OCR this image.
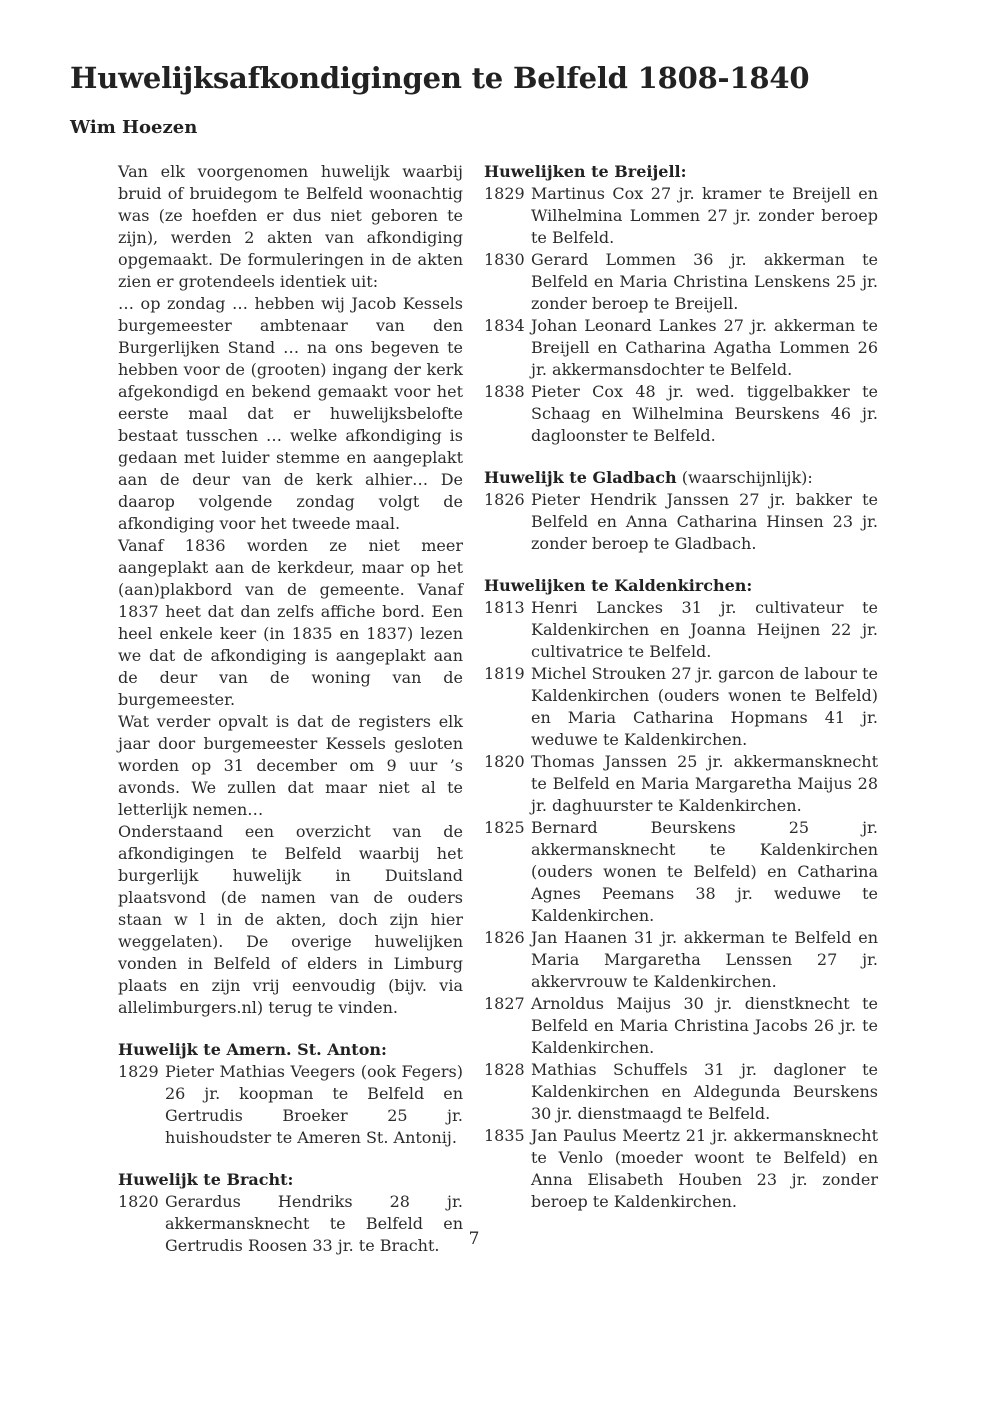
Huwelijksafkondigingen te Belfeld 1808-1840
Wim Hoezen

Van elk voorgenomen huwelijk waarbij bruid of bruidegom te Belfeld woonachtig was (ze hoefden er dus niet geboren te zijn), werden 2 akten van afkondiging opgemaakt. De formuleringen in de akten zien er grotendeels identiek uit:

… op zondag … hebben wij Jacob Kessels burgemeester ambtenaar van den Burgerlijken Stand … na ons begeven te hebben voor de (grooten) ingang der kerk afgekondigd en bekend gemaakt voor het eerste maal dat er huwelijksbelofte bestaat tusschen … welke afkondiging is gedaan met luider stemme en aangeplakt aan de deur van de kerk alhier… De daarop volgende zondag volgt de afkondiging voor het tweede maal.

Vanaf 1836 worden ze niet meer aangeplakt aan de kerkdeur, maar op het (aan)plakbord van de gemeente. Vanaf 1837 heet dat dan zelfs affiche bord. Een heel enkele keer (in 1835 en 1837) lezen we dat de afkondiging is aangeplakt aan de deur van de woning van de burgemeester.

Wat verder opvalt is dat de registers elk jaar door burgemeester Kessels gesloten worden op 31 december om 9 uur ’s avonds. We zullen dat maar niet al te letterlijk nemen…

Onderstaand een overzicht van de afkondigingen te Belfeld waarbij het burgerlijk huwelijk in Duitsland plaatsvond (de namen van de ouders staan w l in de akten, doch zijn hier weggelaten). De overige huwelijken vonden in Belfeld of elders in Limburg plaats en zijn vrij eenvoudig (bijv. via allelimburgers.nl) terug te vinden.

Huwelijk te Amern. St. Anton:
1829 Pieter Mathias Veegers (ook Fegers) 26 jr. koopman te Belfeld en Gertrudis Broeker 25 jr. huishoudster te Ameren St. Antonij.
Huwelijk te Bracht:
1820 Gerardus Hendriks 28 jr. akkermansknecht te Belfeld en Gertrudis Roosen 33 jr. te Bracht.
Huwelijken te Breijell:
1829 Martinus Cox 27 jr. kramer te Breijell en Wilhelmina Lommen 27 jr. zonder beroep te Belfeld.
1830 Gerard Lommen 36 jr. akkerman te Belfeld en Maria Christina Lenskens 25 jr. zonder beroep te Breijell.
1834 Johan Leonard Lankes 27 jr. akkerman te Breijell en Catharina Agatha Lommen 26 jr. akkermansdochter te Belfeld.
1838 Pieter Cox 48 jr. wed. tiggelbakker te Schaag en Wilhelmina Beurskens 46 jr. dagloonster te Belfeld.
Huwelijk te Gladbach (waarschijnlijk):
1826 Pieter Hendrik Janssen 27 jr. bakker te Belfeld en Anna Catharina Hinsen 23 jr. zonder beroep te Gladbach.
Huwelijken te Kaldenkirchen:
1813 Henri Lanckes 31 jr. cultivateur te Kaldenkirchen en Joanna Heijnen 22 jr. cultivatrice te Belfeld.
1819 Michel Strouken 27 jr. garcon de labour te Kaldenkirchen (ouders wonen te Belfeld) en Maria Catharina Hopmans 41 jr. weduwe te Kaldenkirchen.
1820 Thomas Janssen 25 jr. akkermansknecht te Belfeld en Maria Margaretha Maijus 28 jr. daghuurster te Kaldenkirchen.
1825 Bernard Beurskens 25 jr. akkermansknecht te Kaldenkirchen (ouders wonen te Belfeld) en Catharina Agnes Peemans 38 jr. weduwe te Kaldenkirchen.
1826 Jan Haanen 31 jr. akkerman te Belfeld en Maria Margaretha Lenssen 27 jr. akkervrouw te Kaldenkirchen.
1827 Arnoldus Maijus 30 jr. dienstknecht te Belfeld en Maria Christina Jacobs 26 jr. te Kaldenkirchen.
1828 Mathias Schuffels 31 jr. dagloner te Kaldenkirchen en Aldegunda Beurskens 30 jr. dienstmaagd te Belfeld.
1835 Jan Paulus Meertz 21 jr. akkermansknecht te Venlo (moeder woont te Belfeld) en Anna Elisabeth Houben 23 jr. zonder beroep te Kaldenkirchen.
7
